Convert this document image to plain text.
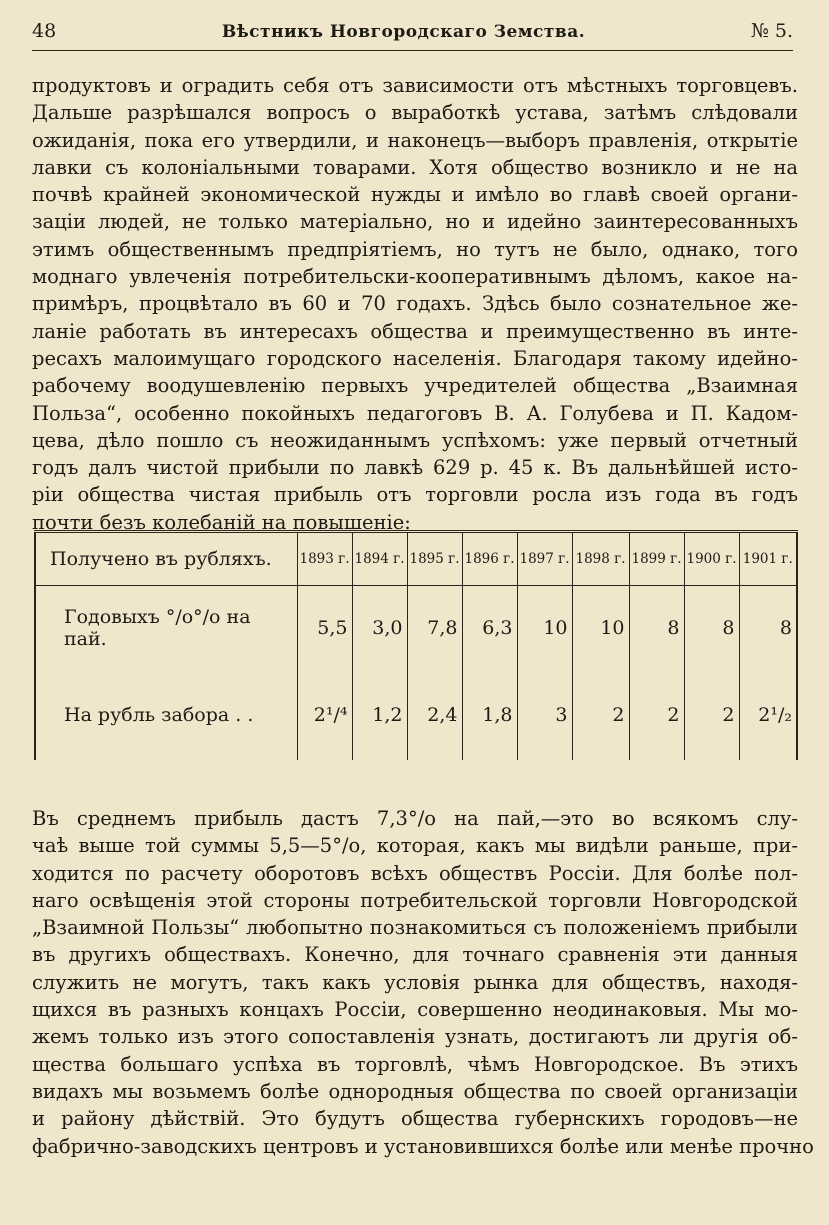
48	Вѣстникъ Новгородскаго Земства.	№ 5.
продуктовъ и оградить себя отъ зависимости отъ мѣстныхъ торговцевъ.
Дальше разрѣшался вопросъ о выработкѣ устава, затѣмъ слѣдовали
ожиданія, пока его утвердили, и наконецъ—выборъ правленія, открытіе
лавки съ колоніальными товарами. Хотя общество возникло и не на
почвѣ крайней экономической нужды и имѣло во главѣ своей органи-
заціи людей, не только матеріально, но и идейно заинтересованныхъ
этимъ общественнымъ предпріятіемъ, но тутъ не было, однако, того
моднаго увлеченія потребительски-кооперативнымъ дѣломъ, какое на-
примѣръ, процвѣтало въ 60 и 70 годахъ. Здѣсь было сознательное же-
ланіе работать въ интересахъ общества и преимущественно въ инте-
ресахъ малоимущаго городского населенія. Благодаря такому идейно-
рабочему воодушевленію первыхъ учредителей общества „Взаимная
Польза“, особенно покойныхъ педагоговъ В. А. Голубева и П. Кадом-
цева, дѣло пошло съ неожиданнымъ успѣхомъ: уже первый отчетный
годъ далъ чистой прибыли по лавкѣ 629 р. 45 к. Въ дальнѣйшей исто-
ріи общества чистая прибыль отъ торговли росла изъ года въ годъ
почти безъ колебаній на повышеніе:
Получено въ рубляхъ.	1893 г.	1894 г.	1895 г.	1896 г.	1897 г.	1898 г.	1899 г.	1900 г.	1901 г.
Годовыхъ °/о°/о на пай.	5,5	3,0	7,8	6,3	10	10	8	8	8
На рубль забора . .	2¹/⁴	1,2	2,4	1,8	3	2	2	2	2¹/₂
Въ среднемъ прибыль дастъ 7,3°/о на пай,—это во всякомъ слу-
чаѣ выше той суммы 5,5—5°/о, которая, какъ мы видѣли раньше, при-
ходится по расчету оборотовъ всѣхъ обществъ Россіи. Для болѣе пол-
наго освѣщенія этой стороны потребительской торговли Новгородской
„Взаимной Пользы“ любопытно познакомиться съ положеніемъ прибыли
въ другихъ обществахъ. Конечно, для точнаго сравненія эти данныя
служить не могутъ, такъ какъ условія рынка для обществъ, находя-
щихся въ разныхъ концахъ Россіи, совершенно неодинаковыя. Мы мо-
жемъ только изъ этого сопоставленія узнать, достигаютъ ли другія об-
щества большаго успѣха въ торговлѣ, чѣмъ Новгородское. Въ этихъ
видахъ мы возьмемъ болѣе однородныя общества по своей организаціи
и району дѣйствій. Это будутъ общества губернскихъ городовъ—не
фабрично-заводскихъ центровъ и установившихся болѣе или менѣе прочно
